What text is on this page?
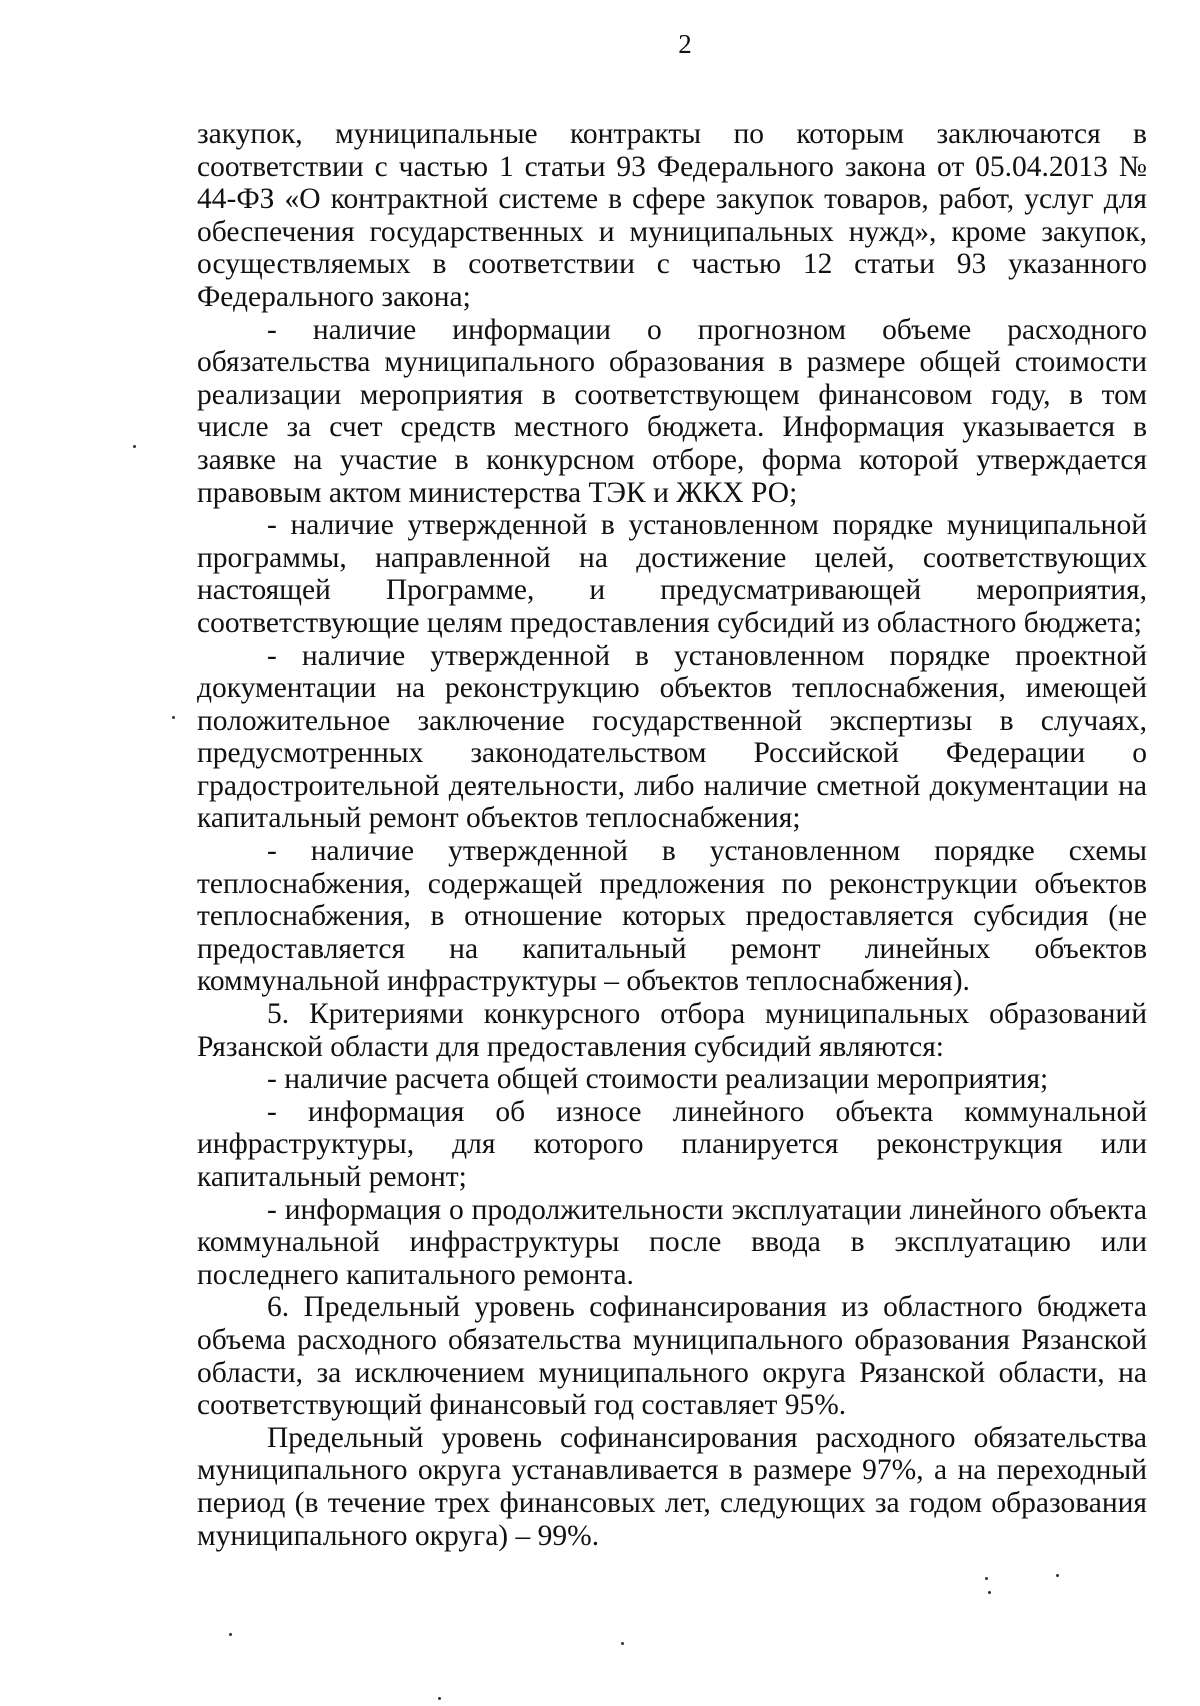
2

закупок, муниципальные контракты по которым заключаются в соответствии с частью 1 статьи 93 Федерального закона от 05.04.2013 № 44-ФЗ «О контрактной системе в сфере закупок товаров, работ, услуг для обеспечения государственных и муниципальных нужд», кроме закупок, осуществляемых в соответствии с частью 12 статьи 93 указанного Федерального закона;

- наличие информации о прогнозном объеме расходного обязательства муниципального образования в размере общей стоимости реализации мероприятия в соответствующем финансовом году, в том числе за счет средств местного бюджета. Информация указывается в заявке на участие в конкурсном отборе, форма которой утверждается правовым актом министерства ТЭК и ЖКХ РО;

- наличие утвержденной в установленном порядке муниципальной программы, направленной на достижение целей, соответствующих настоящей Программе, и предусматривающей мероприятия, соответствующие целям предоставления субсидий из областного бюджета;

- наличие утвержденной в установленном порядке проектной документации на реконструкцию объектов теплоснабжения, имеющей положительное заключение государственной экспертизы в случаях, предусмотренных законодательством Российской Федерации о градостроительной деятельности, либо наличие сметной документации на капитальный ремонт объектов теплоснабжения;

- наличие утвержденной в установленном порядке схемы теплоснабжения, содержащей предложения по реконструкции объектов теплоснабжения, в отношение которых предоставляется субсидия (не предоставляется на капитальный ремонт линейных объектов коммунальной инфраструктуры – объектов теплоснабжения).

5. Критериями конкурсного отбора муниципальных образований Рязанской области для предоставления субсидий являются:

- наличие расчета общей стоимости реализации мероприятия;

- информация об износе линейного объекта коммунальной инфраструктуры, для которого планируется реконструкция или капитальный ремонт;

- информация о продолжительности эксплуатации линейного объекта коммунальной инфраструктуры после ввода в эксплуатацию или последнего капитального ремонта.

6. Предельный уровень софинансирования из областного бюджета объема расходного обязательства муниципального образования Рязанской области, за исключением муниципального округа Рязанской области, на соответствующий финансовый год составляет 95%.

Предельный уровень софинансирования расходного обязательства муниципального округа устанавливается в размере 97%, а на переходный период (в течение трех финансовых лет, следующих за годом образования муниципального округа) – 99%.
